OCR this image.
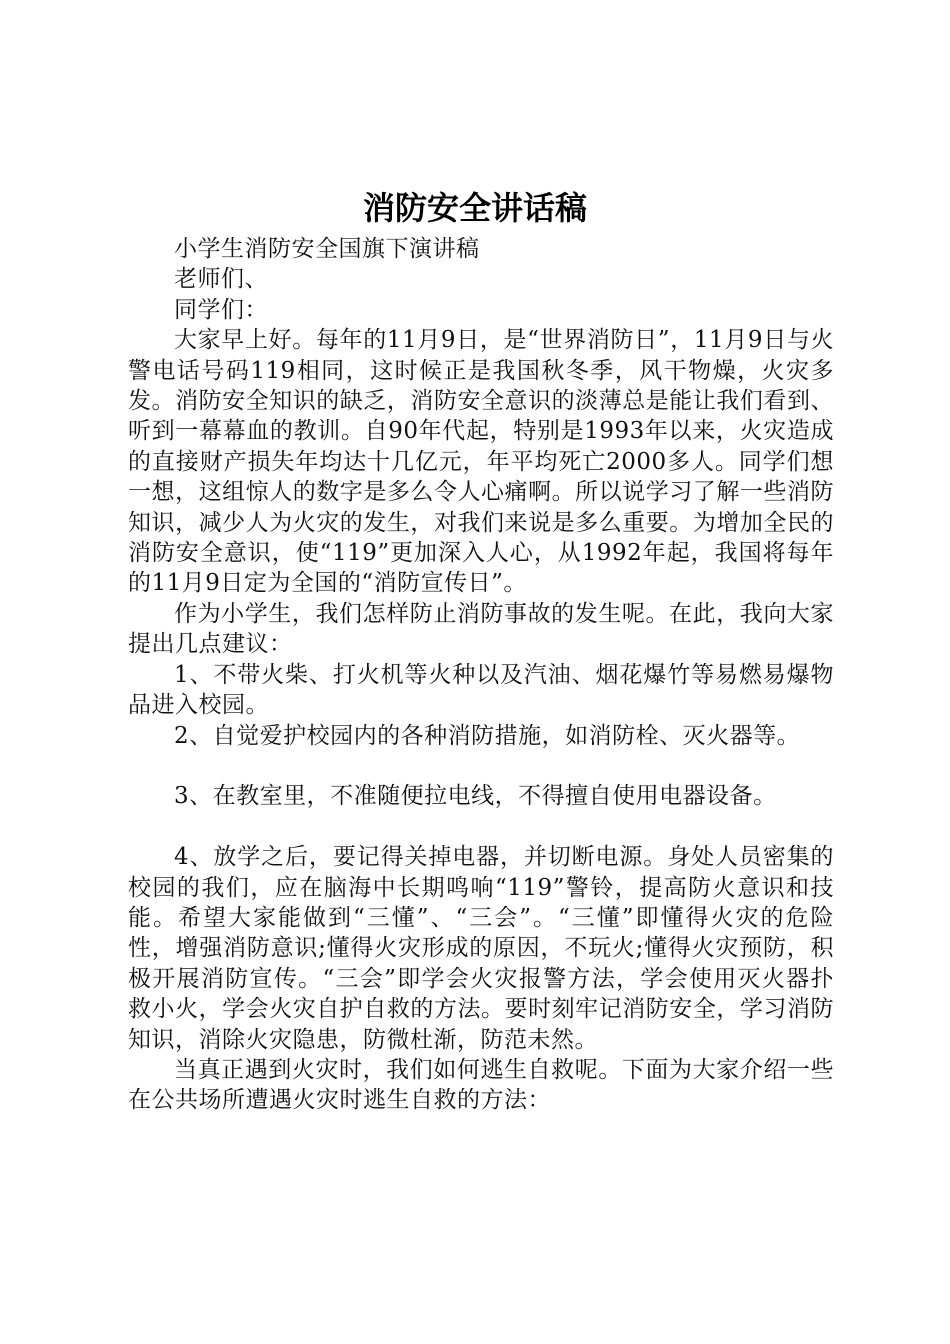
消防安全讲话稿

小学生消防安全国旗下演讲稿

老师们、

同学们：

大家早上好。每年的11月9日，是“世界消防日”，11月9日与火警电话号码119相同，这时候正是我国秋冬季，风干物燥，火灾多发。消防安全知识的缺乏，消防安全意识的淡薄总是能让我们看到、听到一幕幕血的教训。自90年代起，特别是1993年以来，火灾造成的直接财产损失年均达十几亿元，年平均死亡2000多人。同学们想一想，这组惊人的数字是多么令人心痛啊。所以说学习了解一些消防知识，减少人为火灾的发生，对我们来说是多么重要。为增加全民的消防安全意识，使“119”更加深入人心，从1992年起，我国将每年的11月9日定为全国的“消防宣传日”。

作为小学生，我们怎样防止消防事故的发生呢。在此，我向大家提出几点建议：

1、不带火柴、打火机等火种以及汽油、烟花爆竹等易燃易爆物品进入校园。

2、自觉爱护校园内的各种消防措施，如消防栓、灭火器等。

3、在教室里，不准随便拉电线，不得擅自使用电器设备。

4、放学之后，要记得关掉电器，并切断电源。身处人员密集的校园的我们，应在脑海中长期鸣响“119”警铃，提高防火意识和技能。希望大家能做到“三懂”、“三会”。“三懂”即懂得火灾的危险性，增强消防意识;懂得火灾形成的原因，不玩火;懂得火灾预防，积极开展消防宣传。“三会”即学会火灾报警方法，学会使用灭火器扑救小火，学会火灾自护自救的方法。要时刻牢记消防安全，学习消防知识，消除火灾隐患，防微杜渐，防范未然。

当真正遇到火灾时，我们如何逃生自救呢。下面为大家介绍一些在公共场所遭遇火灾时逃生自救的方法：
